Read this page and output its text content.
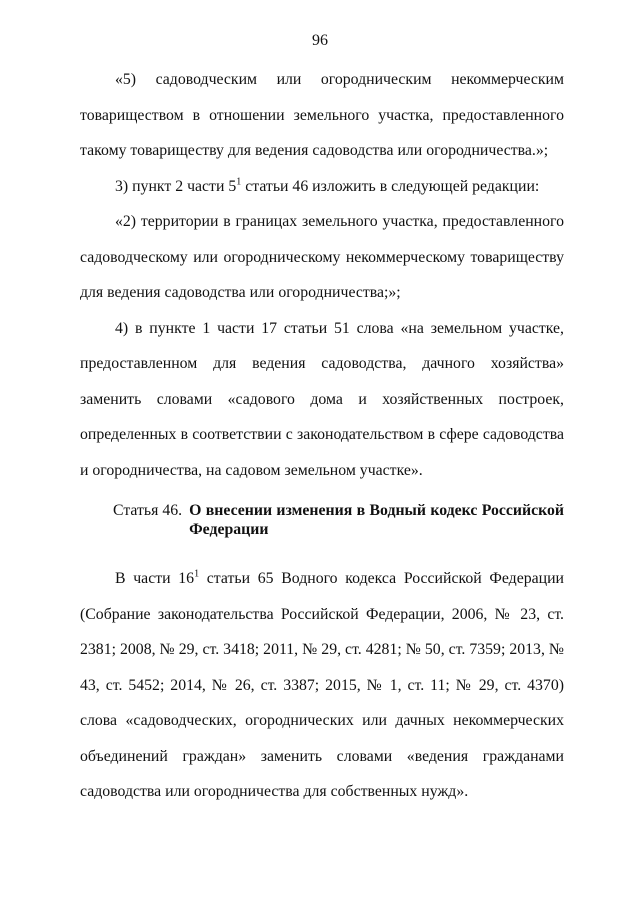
96

«5) садоводческим или огородническим некоммерческим товариществом в отношении земельного участка, предоставленного такому товариществу для ведения садоводства или огородничества.»;

3) пункт 2 части $5^1$ статьи 46 изложить в следующей редакции:

«2) территории в границах земельного участка, предоставленного садоводческому или огородническому некоммерческому товариществу для ведения садоводства или огородничества;»;

4) в пункте 1 части 17 статьи 51 слова «на земельном участке, предоставленном для ведения садоводства, дачного хозяйства» заменить словами «садового дома и хозяйственных построек, определенных в соответствии с законодательством в сфере садоводства и огородничества, на садовом земельном участке».

Статья 46. О внесении изменения в Водный кодекс Российской Федерации

В части $16^1$ статьи 65 Водного кодекса Российской Федерации (Собрание законодательства Российской Федерации, 2006, № 23, ст. 2381; 2008, № 29, ст. 3418; 2011, № 29, ст. 4281; № 50, ст. 7359; 2013, № 43, ст. 5452; 2014, № 26, ст. 3387; 2015, № 1, ст. 11; № 29, ст. 4370) слова «садоводческих, огороднических или дачных некоммерческих объединений граждан» заменить словами «ведения гражданами садоводства или огородничества для собственных нужд».
